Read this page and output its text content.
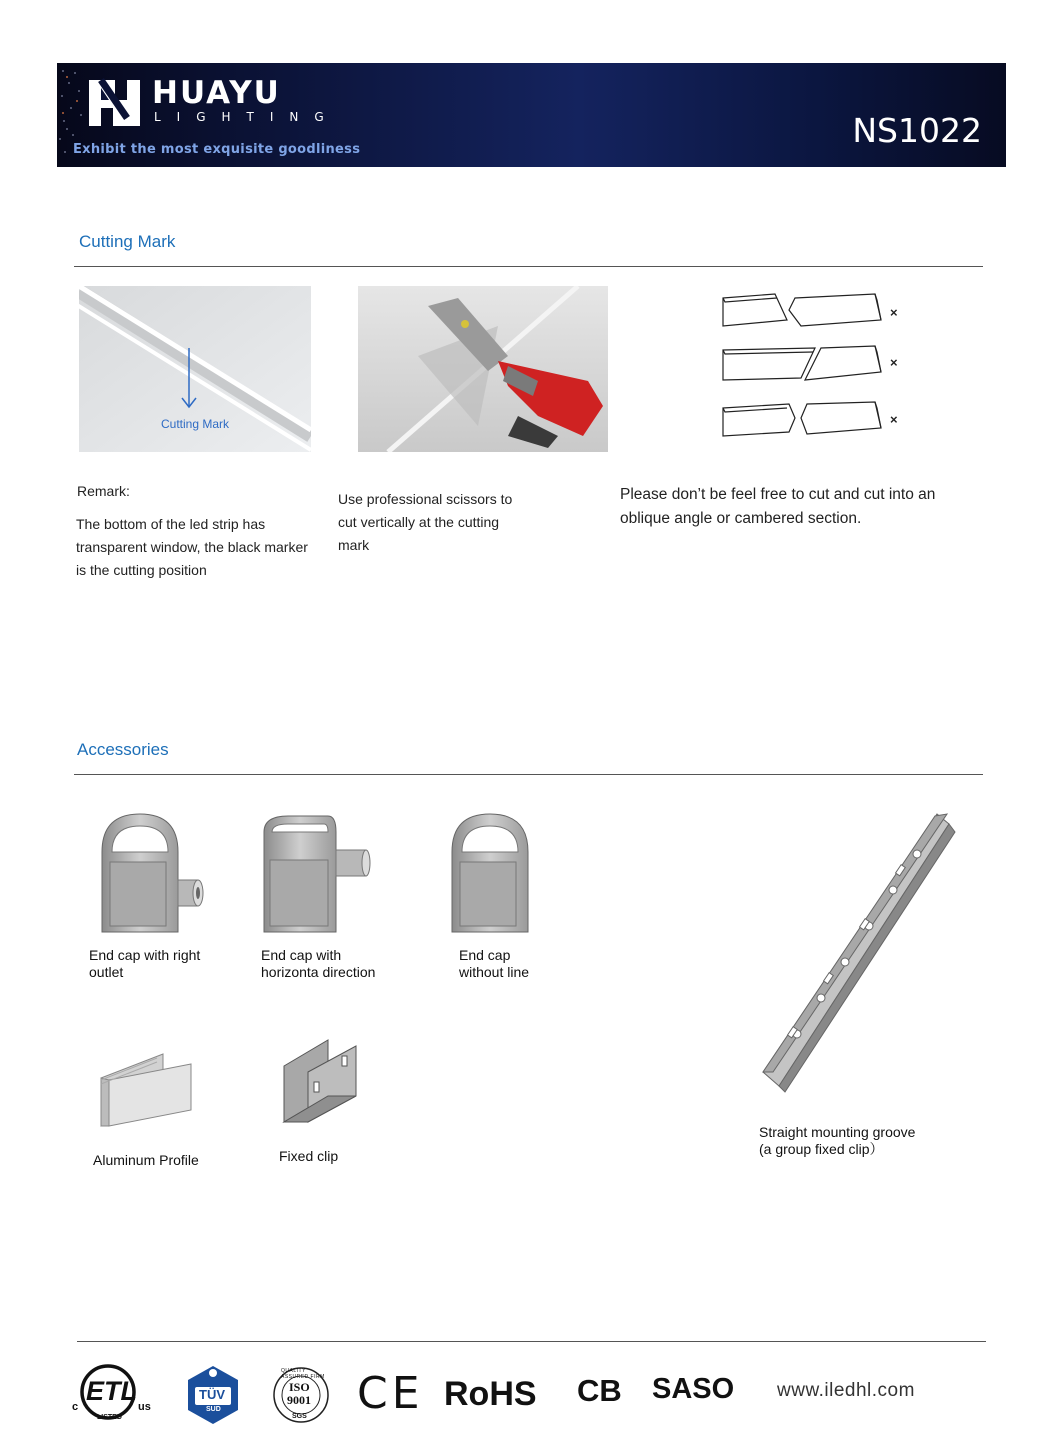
HUAYU
LIGHTING
Exhibit the most exquisite goodliness	NS1022
Cutting Mark
Cutting Mark
×
×
×
Remark:
The bottom of the led strip has
transparent window, the black marker
is the cutting position
Use professional scissors to
cut vertically at the cutting
mark
Please don’t be feel free to cut and cut into an
oblique angle or cambered section.
Accessories
End cap with right
outlet
End cap with
horizonta direction
End cap
without line
Aluminum Profile	Fixed clip
Straight mounting groove
(a group fixed clip）
ETL
c	us
LISTED
TÜV
SUD
QUALITY ASSURED FIRM
ISO
9001
SGS CE RoHS CB SASO www.iledhl.com
